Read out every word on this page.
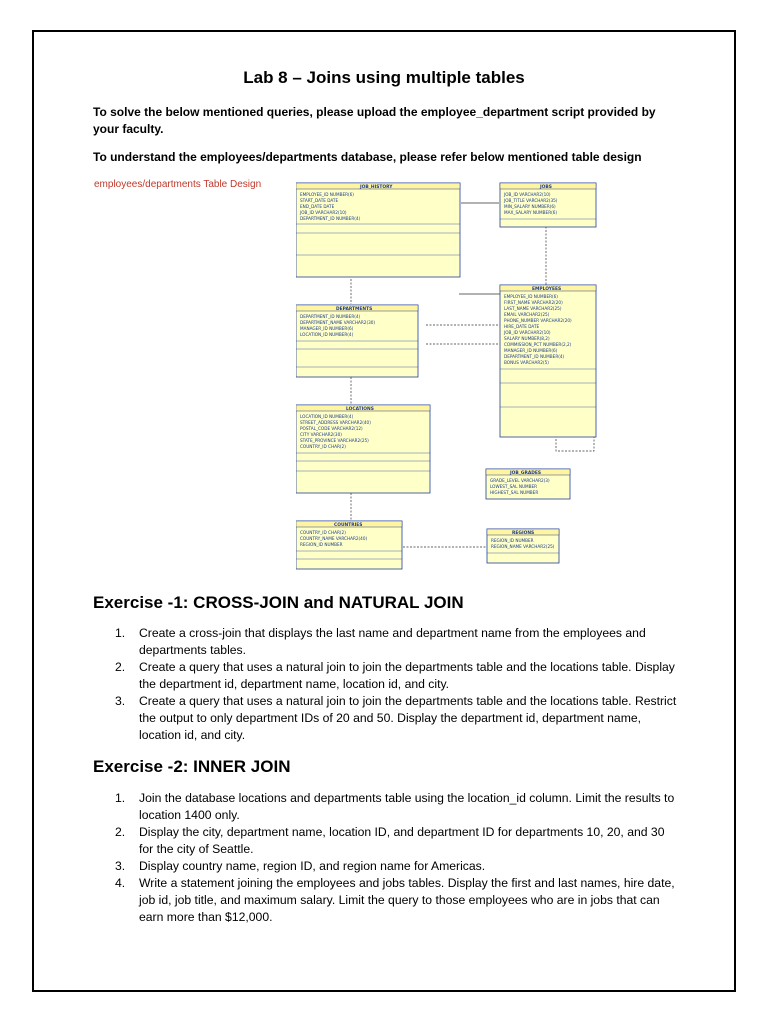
Lab 8 – Joins using multiple tables
To solve the below mentioned queries, please upload the employee_department script provided by your faculty.
To understand the employees/departments database, please refer below mentioned table design
employees/departments Table Design	JOB_HISTORY
EMPLOYEE_ID NUMBER(6)
START_DATE DATE
END_DATE DATE
JOB_ID VARCHAR2(10)
DEPARTMENT_ID NUMBER(4)
JOBS
JOB_ID VARCHAR2(10)
JOB_TITLE VARCHAR2(35)
MIN_SALARY NUMBER(6)
MAX_SALARY NUMBER(6)
DEPARTMENTS
DEPARTMENT_ID NUMBER(4)
DEPARTMENT_NAME VARCHAR2(30)
MANAGER_ID NUMBER(6)
LOCATION_ID NUMBER(4)
EMPLOYEES
EMPLOYEE_ID NUMBER(6)
FIRST_NAME VARCHAR2(20)
LAST_NAME VARCHAR2(25)
EMAIL VARCHAR2(25)
PHONE_NUMBER VARCHAR2(20)
HIRE_DATE DATE
JOB_ID VARCHAR2(10)
SALARY NUMBER(8,2)
COMMISSION_PCT NUMBER(2,2)
MANAGER_ID NUMBER(6)
DEPARTMENT_ID NUMBER(4)
BONUS VARCHAR2(5)
LOCATIONS
LOCATION_ID NUMBER(4)
STREET_ADDRESS VARCHAR2(40)
POSTAL_CODE VARCHAR2(12)
CITY VARCHAR2(30)
STATE_PROVINCE VARCHAR2(25)
COUNTRY_ID CHAR(2)
JOB_GRADES
GRADE_LEVEL VARCHAR2(3)
LOWEST_SAL NUMBER
HIGHEST_SAL NUMBER
COUNTRIES
COUNTRY_ID CHAR(2)
COUNTRY_NAME VARCHAR2(40)
REGION_ID NUMBER
REGIONS
REGION_ID NUMBER
REGION_NAME VARCHAR2(25)
Exercise -1: CROSS-JOIN and NATURAL JOIN
1. Create a cross-join that displays the last name and department name from the employees and departments tables.
2. Create a query that uses a natural join to join the departments table and the locations table. Display the department id, department name, location id, and city.
3. Create a query that uses a natural join to join the departments table and the locations table. Restrict the output to only department IDs of 20 and 50. Display the department id, department name, location id, and city.
Exercise -2: INNER JOIN
1. Join the database locations and departments table using the location_id column. Limit the results to location 1400 only.
2. Display the city, department name, location ID, and department ID for departments 10, 20, and 30 for the city of Seattle.
3. Display country name, region ID, and region name for Americas.
4. Write a statement joining the employees and jobs tables. Display the first and last names, hire date, job id, job title, and maximum salary. Limit the query to those employees who are in jobs that can earn more than $12,000.
